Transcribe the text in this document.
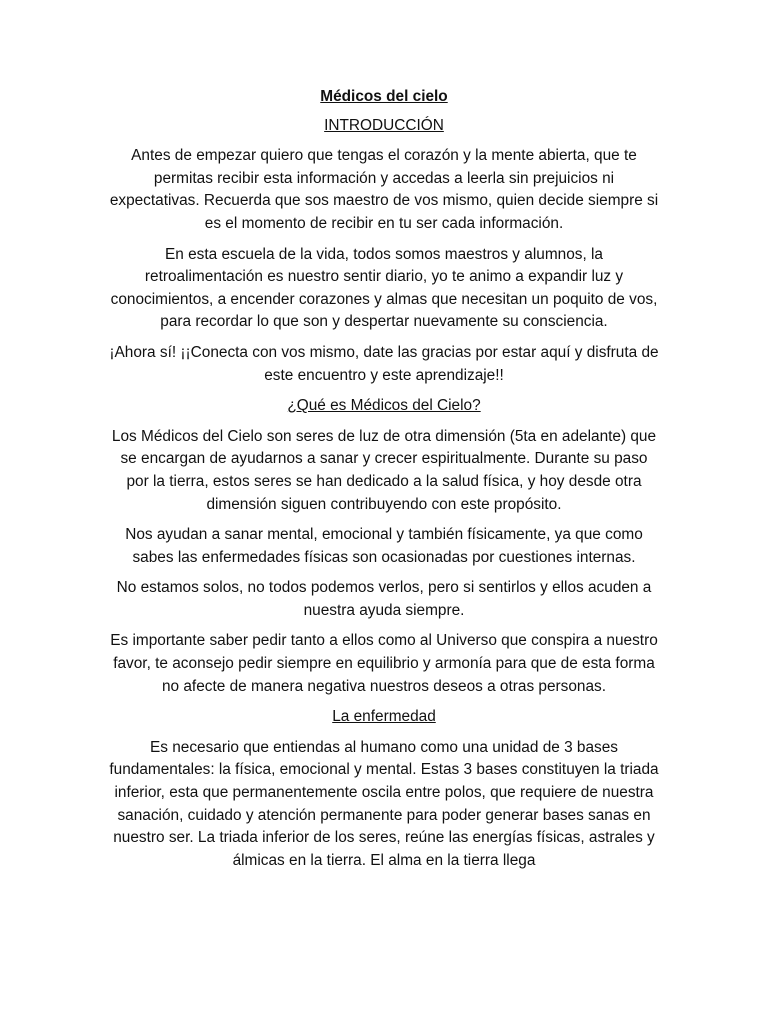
Médicos del cielo

INTRODUCCIÓN

Antes de empezar quiero que tengas el corazón y la mente abierta, que te permitas recibir esta información y accedas a leerla sin prejuicios ni expectativas. Recuerda que sos maestro de vos mismo, quien decide siempre si es el momento de recibir en tu ser cada información.

En esta escuela de la vida, todos somos maestros y alumnos, la retroalimentación es nuestro sentir diario, yo te animo a expandir luz y conocimientos, a encender corazones y almas que necesitan un poquito de vos, para recordar lo que son y despertar nuevamente su consciencia.

¡Ahora sí! ¡¡Conecta con vos mismo, date las gracias por estar aquí y disfruta de este encuentro y este aprendizaje!!

¿Qué es Médicos del Cielo?

Los Médicos del Cielo son seres de luz de otra dimensión (5ta en adelante) que se encargan de ayudarnos a sanar y crecer espiritualmente. Durante su paso por la tierra, estos seres se han dedicado a la salud física, y hoy desde otra dimensión siguen contribuyendo con este propósito.

Nos ayudan a sanar mental, emocional y también físicamente, ya que como sabes las enfermedades físicas son ocasionadas por cuestiones internas.

No estamos solos, no todos podemos verlos, pero si sentirlos y ellos acuden a nuestra ayuda siempre.

Es importante saber pedir tanto a ellos como al Universo que conspira a nuestro favor, te aconsejo pedir siempre en equilibrio y armonía para que de esta forma no afecte de manera negativa nuestros deseos a otras personas.

La enfermedad

Es necesario que entiendas al humano como una unidad de 3 bases fundamentales: la física, emocional y mental. Estas 3 bases constituyen la triada inferior, esta que permanentemente oscila entre polos, que requiere de nuestra sanación, cuidado y atención permanente para poder generar bases sanas en nuestro ser. La triada inferior de los seres, reúne las energías físicas, astrales y álmicas en la tierra. El alma en la tierra llega
